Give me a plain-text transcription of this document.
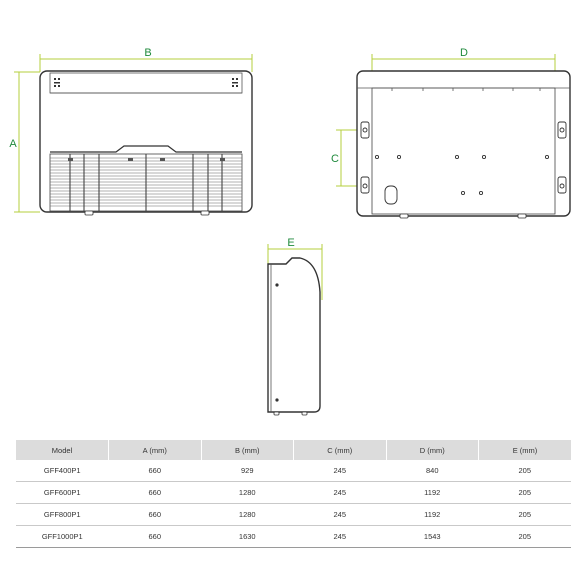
B
A
D
C
E
Model	A (mm)	B (mm)	C (mm)	D (mm)	E (mm)
GFF400P1	660	929	245	840	205
GFF600P1	660	1280	245	1192	205
GFF800P1	660	1280	245	1192	205
GFF1000P1	660	1630	245	1543	205
